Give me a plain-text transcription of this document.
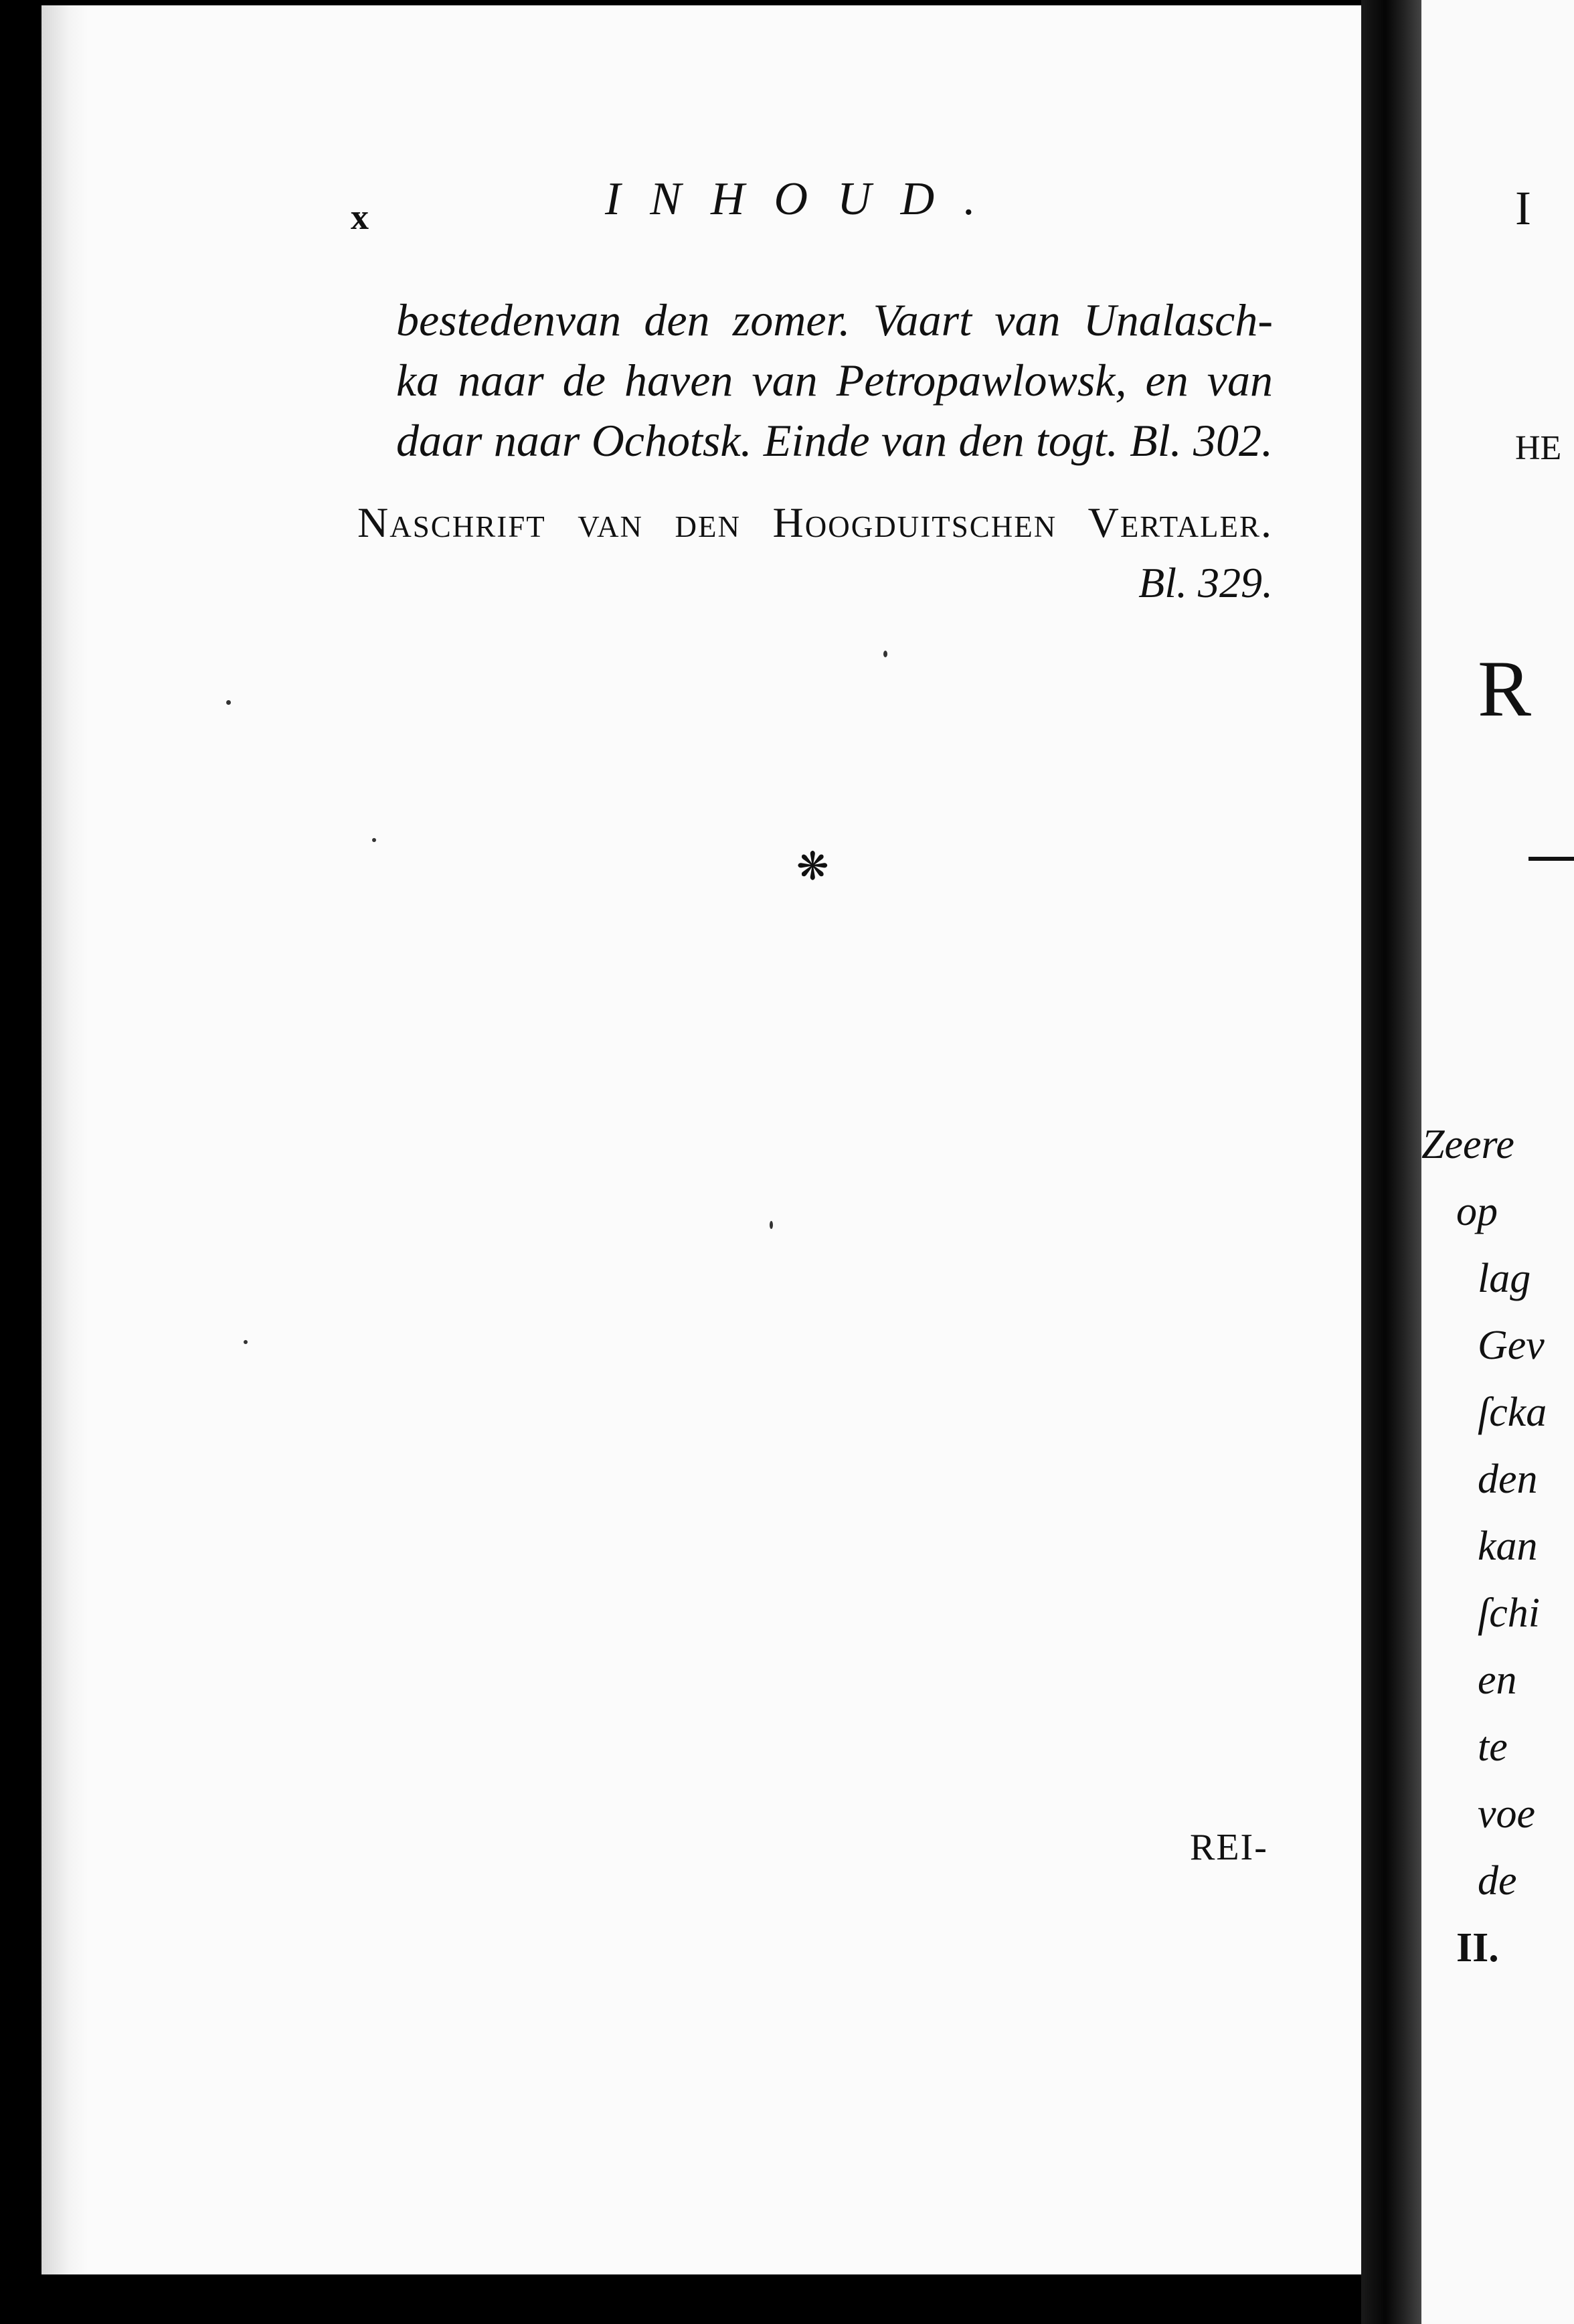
x	INHOUD.
bestedenvan den zomer. Vaart van Unalasch-
ka naar de haven van Petropawlowsk, en van
daar naar Ochotsk. Einde van den togt. Bl. 302.
Naschrift van den Hoogduitschen Vertaler.
Bl. 329.
❋
REI-
I
HE
R
Zeere
op
lag
Gev
ſcka
den
kan
ſchi
en
te
voe
de
II.
